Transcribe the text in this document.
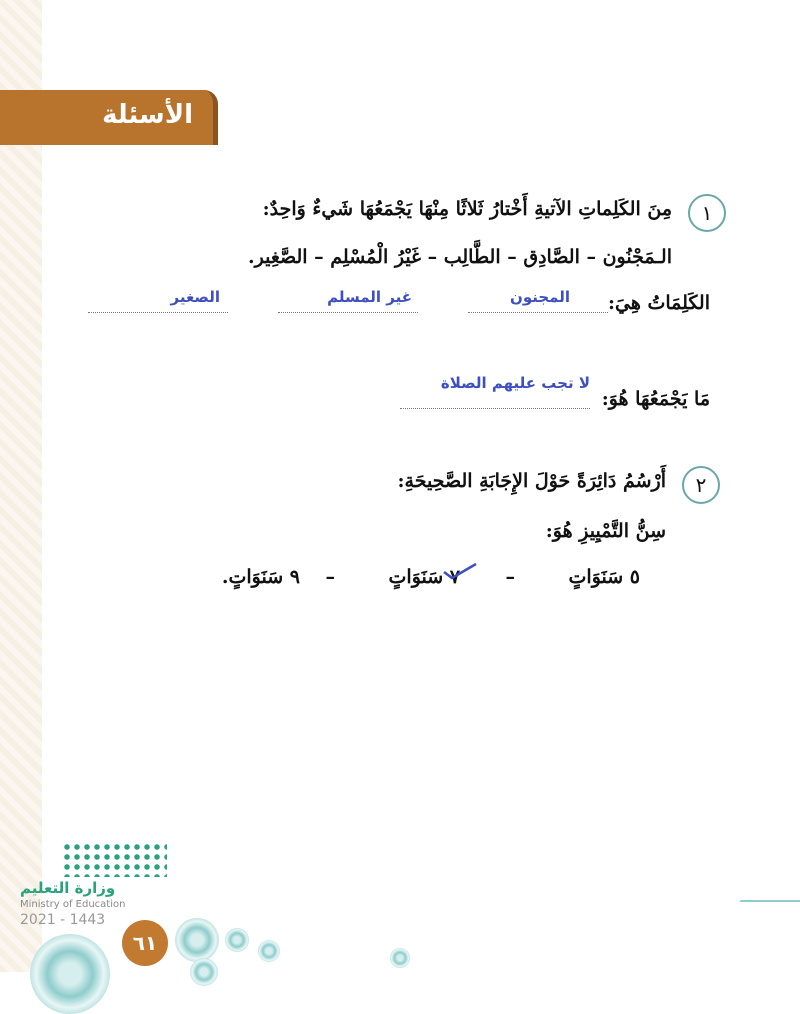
الأسئلة
١
مِنَ الكَلِماتِ الآتيةِ أَخْتارُ ثَلاثًا مِنْهَا يَجْمَعُهَا شَيءٌ وَاحِدٌ:
الـمَجْنُون – الصَّادِق – الطَّالِب – غَيْرُ الْمُسْلِم – الصَّغِير.
الكَلِمَاتُ هِيَ:
المجنون
غير المسلم
الصغير
مَا يَجْمَعُهَا هُوَ:
لا تجب عليهم الصلاة
٢
أَرْسُمُ دَائِرَةً حَوْلَ الإِجَابَةِ الصَّحِيحَةِ:
سِنُّ التَّمْيِيزِ هُوَ:
٥ سَنَوَاتٍ
–
٧ سَنَوَاتٍ
–
٩ سَنَوَاتٍ.
وزارة التعليم
Ministry of Education
2021 - 1443
٦١
